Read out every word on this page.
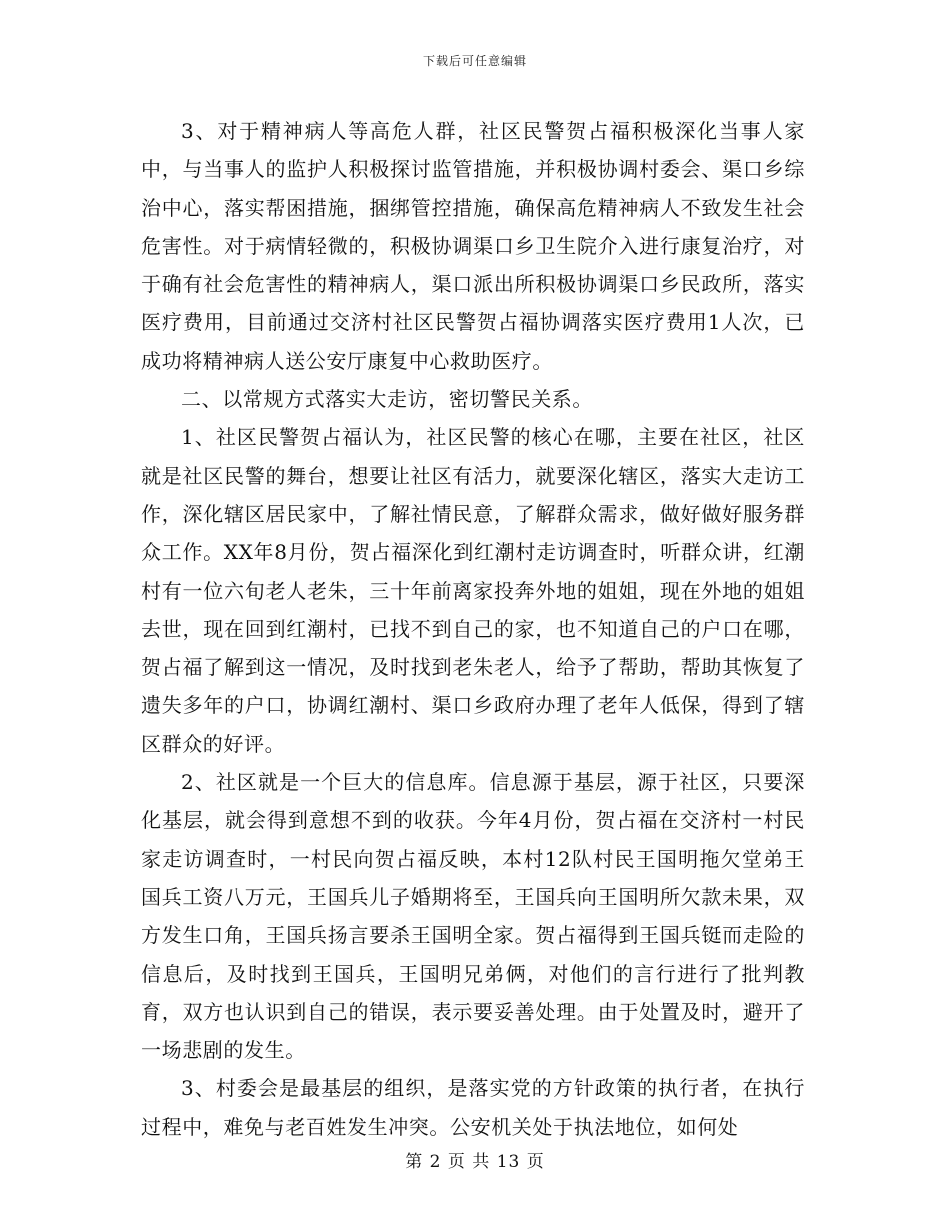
下载后可任意编辑

3、对于精神病人等高危人群，社区民警贺占福积极深化当事人家中，与当事人的监护人积极探讨监管措施，并积极协调村委会、渠口乡综治中心，落实帮困措施，捆绑管控措施，确保高危精神病人不致发生社会危害性。对于病情轻微的，积极协调渠口乡卫生院介入进行康复治疗，对于确有社会危害性的精神病人，渠口派出所积极协调渠口乡民政所，落实医疗费用，目前通过交济村社区民警贺占福协调落实医疗费用1人次，已成功将精神病人送公安厅康复中心救助医疗。

二、以常规方式落实大走访，密切警民关系。

1、社区民警贺占福认为，社区民警的核心在哪，主要在社区，社区就是社区民警的舞台，想要让社区有活力，就要深化辖区，落实大走访工作，深化辖区居民家中，了解社情民意，了解群众需求，做好做好服务群众工作。XX年8月份，贺占福深化到红潮村走访调查时，听群众讲，红潮村有一位六旬老人老朱，三十年前离家投奔外地的姐姐，现在外地的姐姐去世，现在回到红潮村，已找不到自己的家，也不知道自己的户口在哪，贺占福了解到这一情况，及时找到老朱老人，给予了帮助，帮助其恢复了遗失多年的户口，协调红潮村、渠口乡政府办理了老年人低保，得到了辖区群众的好评。

2、社区就是一个巨大的信息库。信息源于基层，源于社区，只要深化基层，就会得到意想不到的收获。今年4月份，贺占福在交济村一村民家走访调查时，一村民向贺占福反映，本村12队村民王国明拖欠堂弟王国兵工资八万元，王国兵儿子婚期将至，王国兵向王国明所欠款未果，双方发生口角，王国兵扬言要杀王国明全家。贺占福得到王国兵铤而走险的信息后，及时找到王国兵，王国明兄弟俩，对他们的言行进行了批判教育，双方也认识到自己的错误，表示要妥善处理。由于处置及时，避开了一场悲剧的发生。

3、村委会是最基层的组织，是落实党的方针政策的执行者，在执行过程中，难免与老百姓发生冲突。公安机关处于执法地位，如何处

第 2 页 共 13 页
